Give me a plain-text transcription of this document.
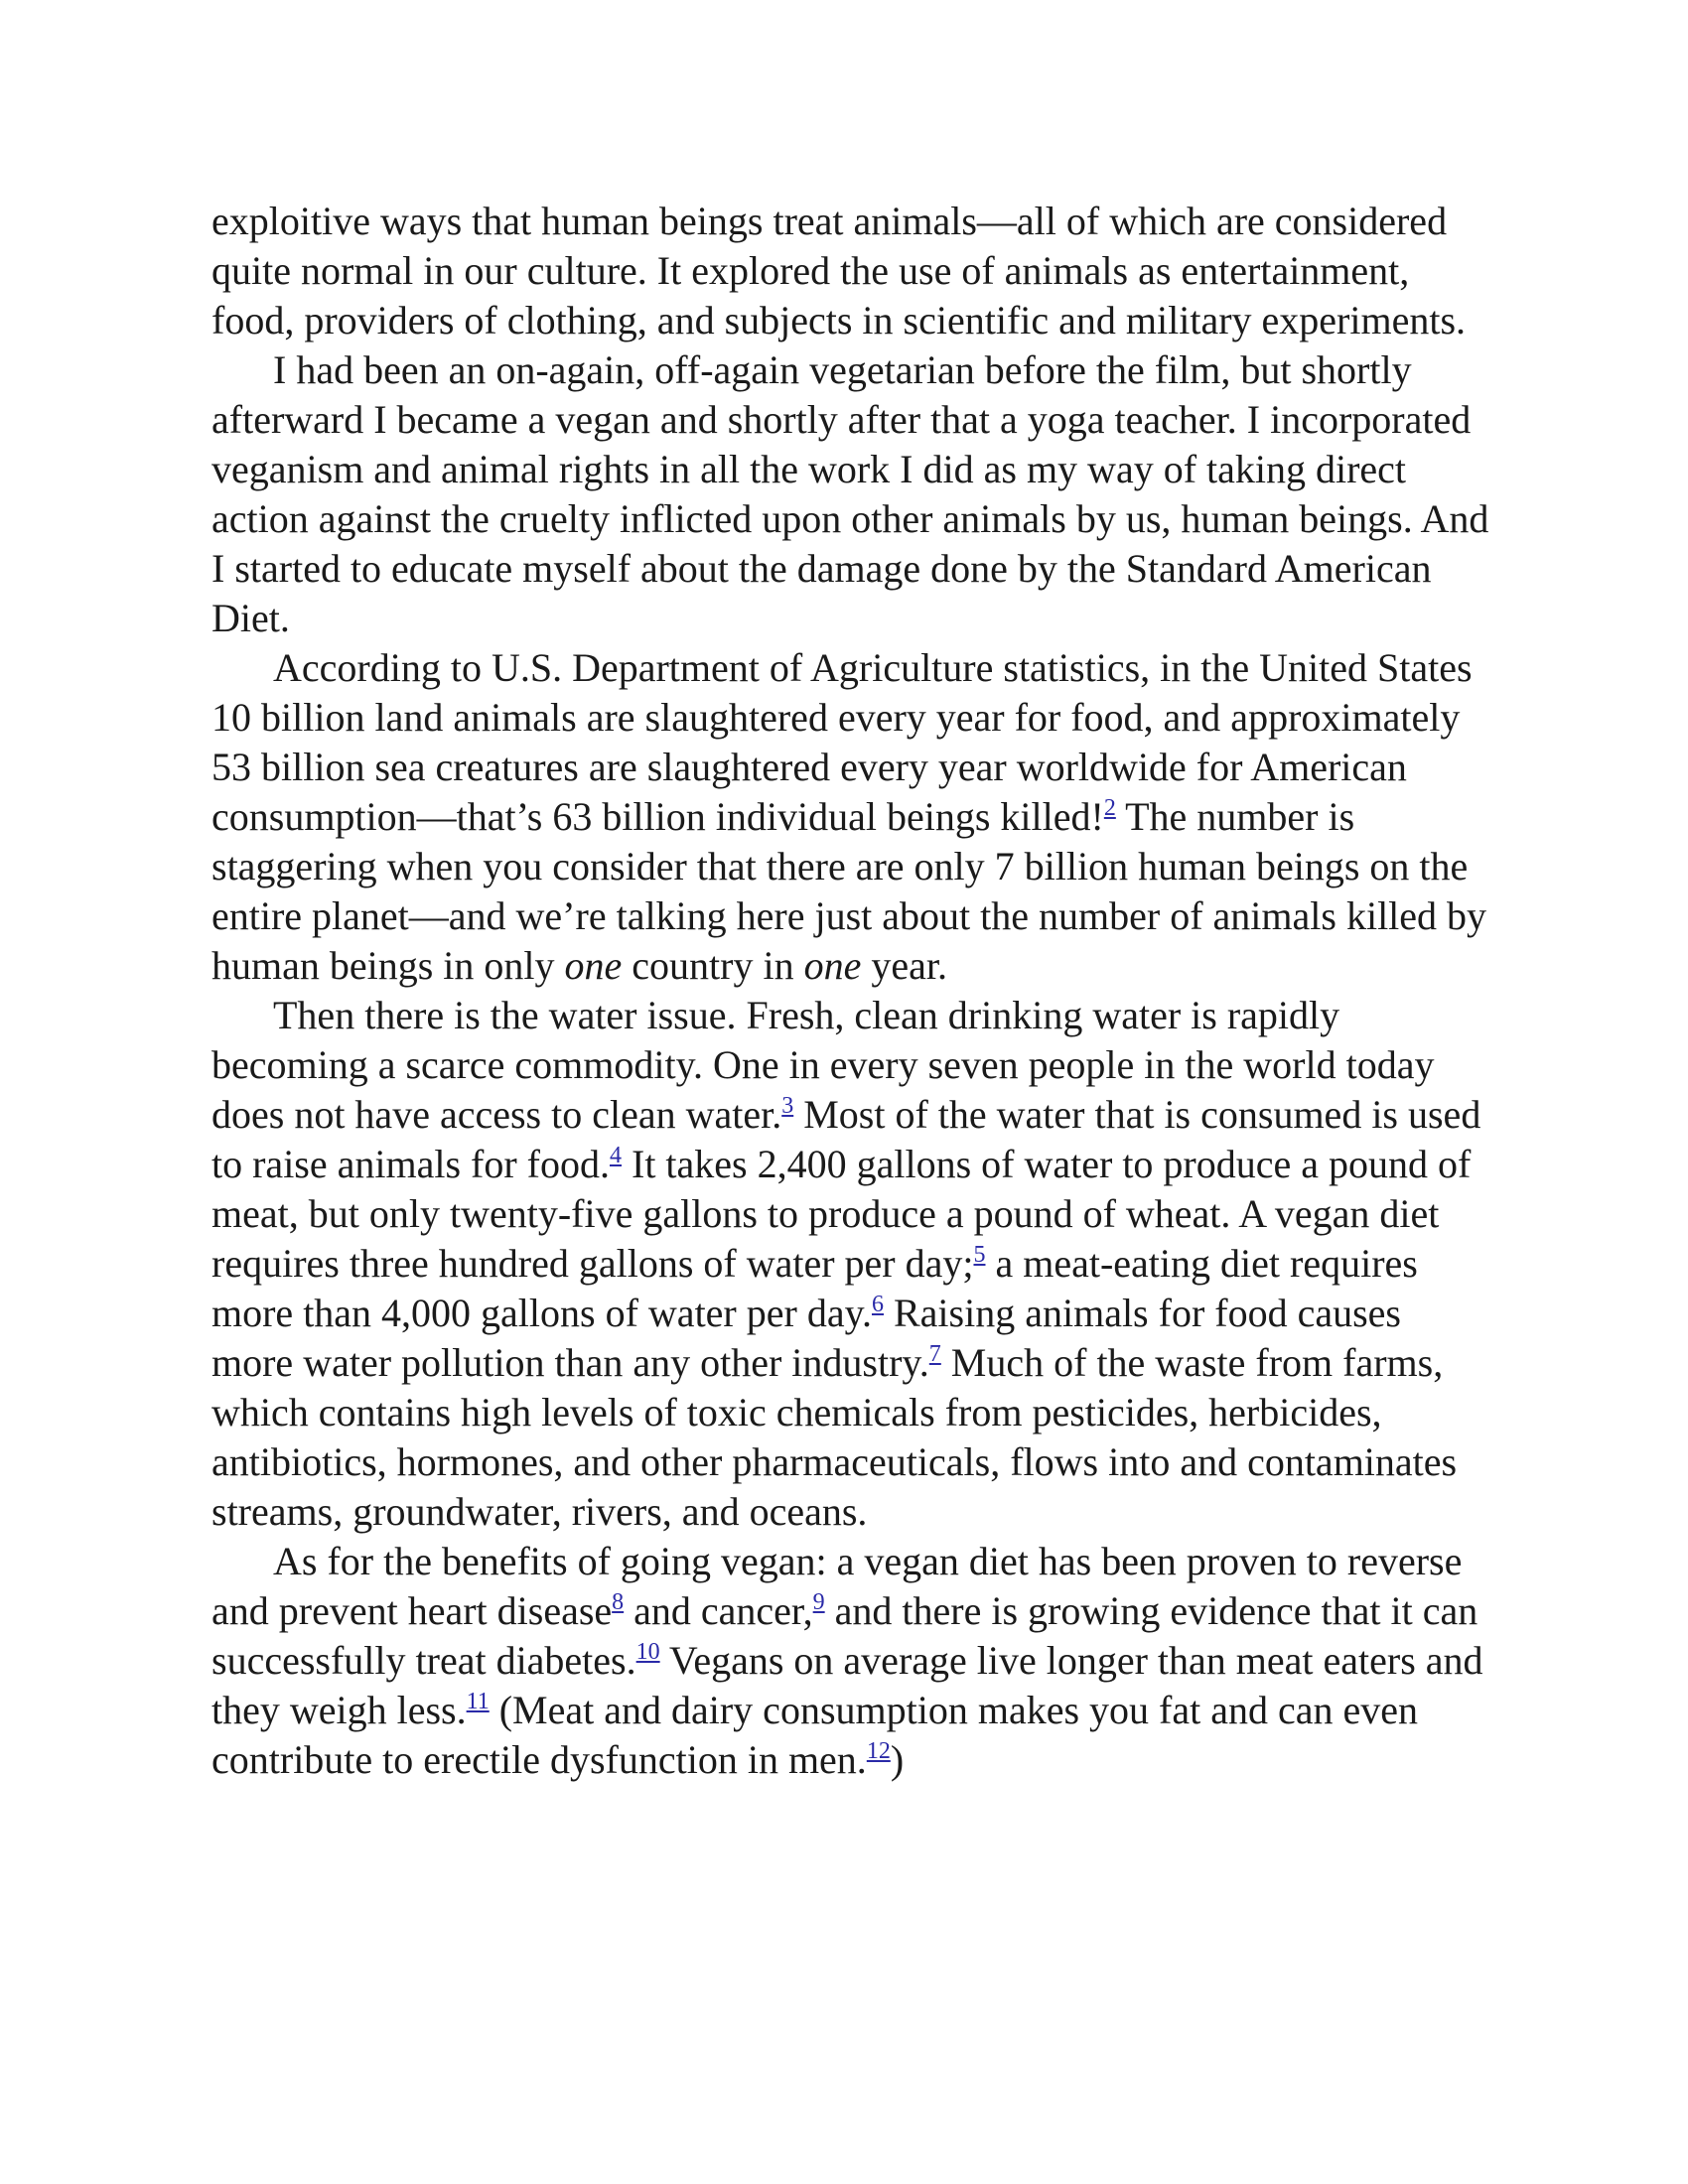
exploitive ways that human beings treat animals—all of which are considered quite normal in our culture. It explored the use of animals as entertainment, food, providers of clothing, and subjects in scientific and military experiments.

I had been an on-again, off-again vegetarian before the film, but shortly afterward I became a vegan and shortly after that a yoga teacher. I incorporated veganism and animal rights in all the work I did as my way of taking direct action against the cruelty inflicted upon other animals by us, human beings. And I started to educate myself about the damage done by the Standard American Diet.

According to U.S. Department of Agriculture statistics, in the United States 10 billion land animals are slaughtered every year for food, and approximately 53 billion sea creatures are slaughtered every year worldwide for American consumption—that’s 63 billion individual beings killed!$^2$ The number is staggering when you consider that there are only 7 billion human beings on the entire planet—and we’re talking here just about the number of animals killed by human beings in only one country in one year.

Then there is the water issue. Fresh, clean drinking water is rapidly becoming a scarce commodity. One in every seven people in the world today does not have access to clean water.$^3$ Most of the water that is consumed is used to raise animals for food.$^4$ It takes 2,400 gallons of water to produce a pound of meat, but only twenty-five gallons to produce a pound of wheat. A vegan diet requires three hundred gallons of water per day;$^5$ a meat-eating diet requires more than 4,000 gallons of water per day.$^6$ Raising animals for food causes more water pollution than any other industry.$^7$ Much of the waste from farms, which contains high levels of toxic chemicals from pesticides, herbicides, antibiotics, hormones, and other pharmaceuticals, flows into and contaminates streams, groundwater, rivers, and oceans.

As for the benefits of going vegan: a vegan diet has been proven to reverse and prevent heart disease$^8$ and cancer,$^9$ and there is growing evidence that it can successfully treat diabetes.$^{10}$ Vegans on average live longer than meat eaters and they weigh less.$^{11}$ (Meat and dairy consumption makes you fat and can even contribute to erectile dysfunction in men.$^{12}$)
